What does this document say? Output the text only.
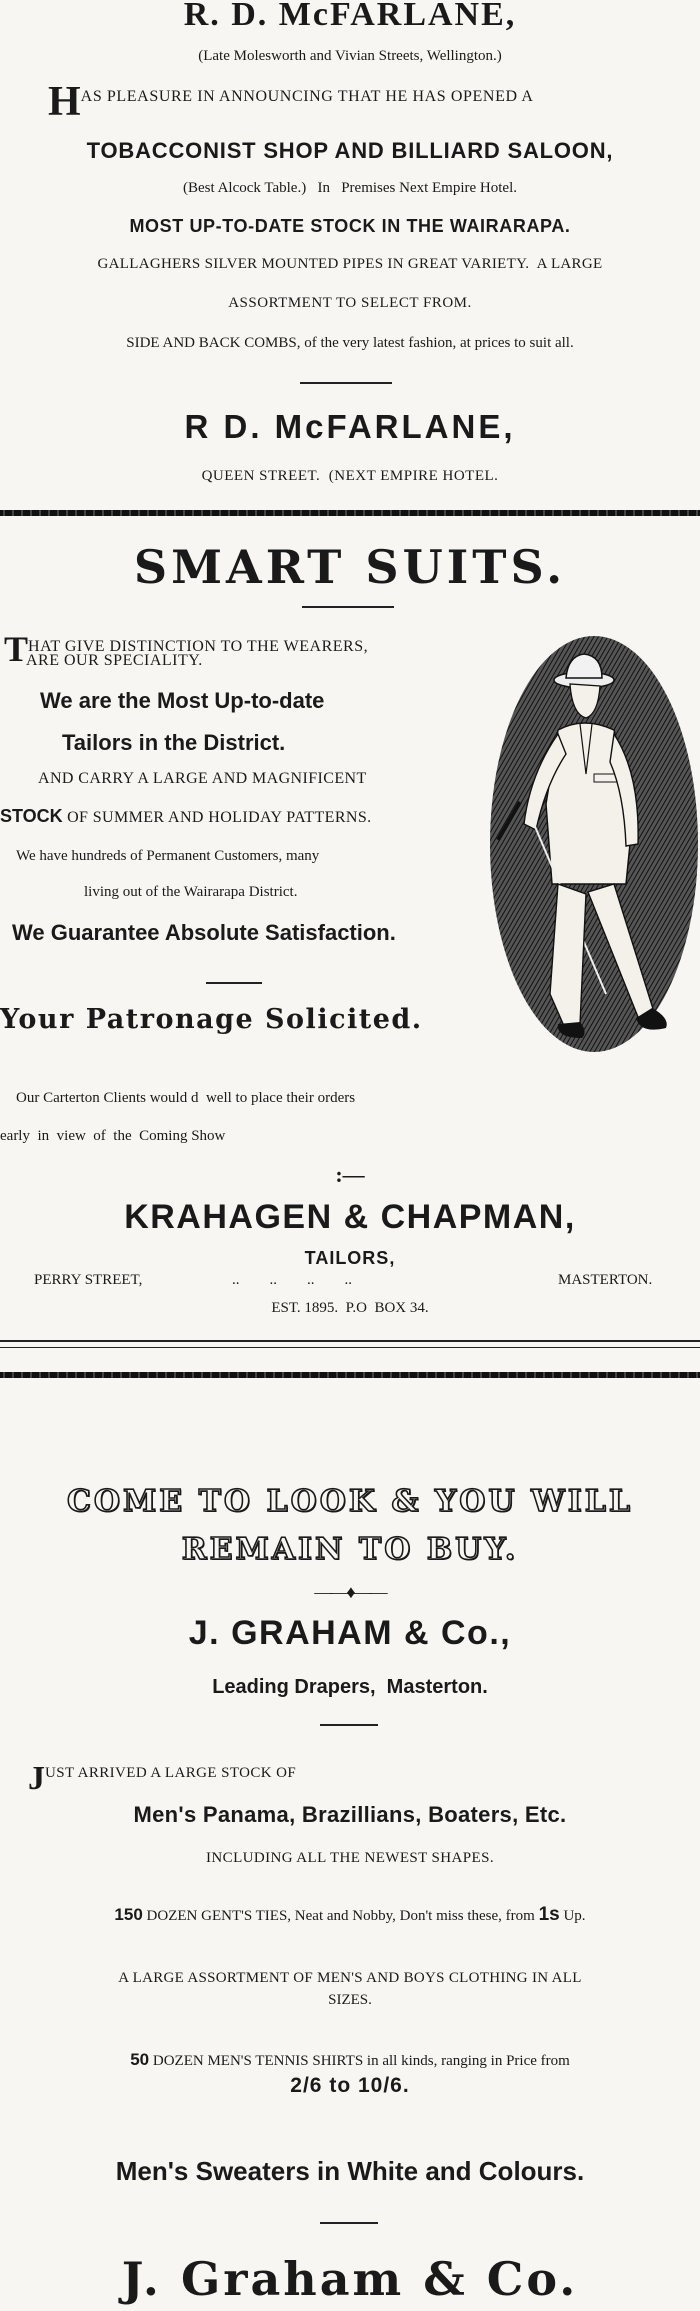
R. D. McFARLANE,
(Late Molesworth and Vivian Streets, Wellington.)
HAS PLEASURE IN ANNOUNCING THAT HE HAS OPENED A
TOBACCONIST SHOP AND BILLIARD SALOON,
(Best Alcock Table.)   In   Premises Next Empire Hotel.
MOST UP-TO-DATE STOCK IN THE WAIRARAPA.
GALLAGHERS SILVER MOUNTED PIPES IN GREAT VARIETY.  A LARGE
ASSORTMENT TO SELECT FROM.
SIDE AND BACK COMBS, of the very latest fashion, at prices to suit all.
R D. McFARLANE,
QUEEN STREET.  (NEXT EMPIRE HOTEL.
SMART SUITS.
THAT GIVE DISTINCTION TO THE WEARERS,
ARE OUR SPECIALITY.
We are the Most Up-to-date
Tailors in the District.
AND CARRY A LARGE AND MAGNIFICENT
STOCK OF SUMMER AND HOLIDAY PATTERNS.
We have hundreds of Permanent Customers, many
living out of the Wairarapa District.
We Guarantee Absolute Satisfaction.
Your Patronage Solicited.
Our Carterton Clients would d  well to place their orders
early  in  view  of  the  Coming Show
:—
KRAHAGEN & CHAPMAN,
TAILORS,
PERRY STREET,	..        ..        ..        ..	MASTERTON.
EST. 1895.  P.O  BOX 34.
COME TO LOOK & YOU WILL
REMAIN TO BUY.
——♦——
J. GRAHAM & Co.,
Leading Drapers,  Masterton.
JUST ARRIVED A LARGE STOCK OF
Men's Panama, Brazillians, Boaters, Etc.
INCLUDING ALL THE NEWEST SHAPES.
150 DOZEN GENT'S TIES, Neat and Nobby, Don't miss these, from 1s Up.
A LARGE ASSORTMENT OF MEN'S AND BOYS CLOTHING IN ALL
SIZES.
50 DOZEN MEN'S TENNIS SHIRTS in all kinds, ranging in Price from
2/6 to 10/6.
Men's Sweaters in White and Colours.
J. Graham & Co.
